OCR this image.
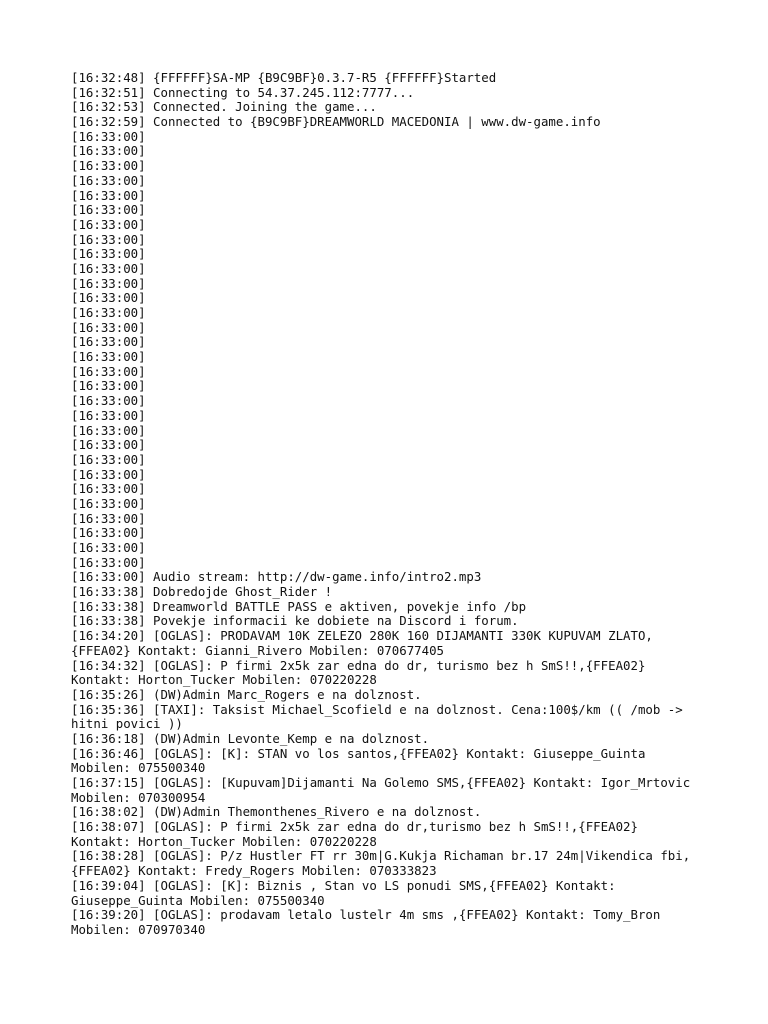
[16:32:48] {FFFFFF}SA-MP {B9C9BF}0.3.7-R5 {FFFFFF}Started
[16:32:51] Connecting to 54.37.245.112:7777...
[16:32:53] Connected. Joining the game...
[16:32:59] Connected to {B9C9BF}DREAMWORLD MACEDONIA | www.dw-game.info
[16:33:00]
[16:33:00]
[16:33:00]
[16:33:00]
[16:33:00]
[16:33:00]
[16:33:00]
[16:33:00]
[16:33:00]
[16:33:00]
[16:33:00]
[16:33:00]
[16:33:00]
[16:33:00]
[16:33:00]
[16:33:00]
[16:33:00]
[16:33:00]
[16:33:00]
[16:33:00]
[16:33:00]
[16:33:00]
[16:33:00]
[16:33:00]
[16:33:00]
[16:33:00]
[16:33:00]
[16:33:00]
[16:33:00]
[16:33:00]
[16:33:00] Audio stream: http://dw-game.info/intro2.mp3
[16:33:38] Dobredojde Ghost_Rider !
[16:33:38] Dreamworld BATTLE PASS e aktiven, povekje info /bp
[16:33:38] Povekje informacii ke dobiete na Discord i forum.
[16:34:20] [OGLAS]: PRODAVAM 10K ZELEZO 280K 160 DIJAMANTI 330K KUPUVAM ZLATO,
{FFEA02} Kontakt: Gianni_Rivero Mobilen: 070677405
[16:34:32] [OGLAS]: P firmi 2x5k zar edna do dr, turismo bez h SmS!!,{FFEA02}
Kontakt: Horton_Tucker Mobilen: 070220228
[16:35:26] (DW)Admin Marc_Rogers e na dolznost.
[16:35:36] [TAXI]: Taksist Michael_Scofield e na dolznost. Cena:100$/km (( /mob ->
hitni povici ))
[16:36:18] (DW)Admin Levonte_Kemp e na dolznost.
[16:36:46] [OGLAS]: [K]: STAN vo los santos,{FFEA02} Kontakt: Giuseppe_Guinta
Mobilen: 075500340
[16:37:15] [OGLAS]: [Kupuvam]Dijamanti Na Golemo SMS,{FFEA02} Kontakt: Igor_Mrtovic
Mobilen: 070300954
[16:38:02] (DW)Admin Themonthenes_Rivero e na dolznost.
[16:38:07] [OGLAS]: P firmi 2x5k zar edna do dr,turismo bez h SmS!!,{FFEA02}
Kontakt: Horton_Tucker Mobilen: 070220228
[16:38:28] [OGLAS]: P/z Hustler FT rr 30m|G.Kukja Richaman br.17 24m|Vikendica fbi,
{FFEA02} Kontakt: Fredy_Rogers Mobilen: 070333823
[16:39:04] [OGLAS]: [K]: Biznis , Stan vo LS ponudi SMS,{FFEA02} Kontakt:
Giuseppe_Guinta Mobilen: 075500340
[16:39:20] [OGLAS]: prodavam letalo lustelr 4m sms ,{FFEA02} Kontakt: Tomy_Bron
Mobilen: 070970340
